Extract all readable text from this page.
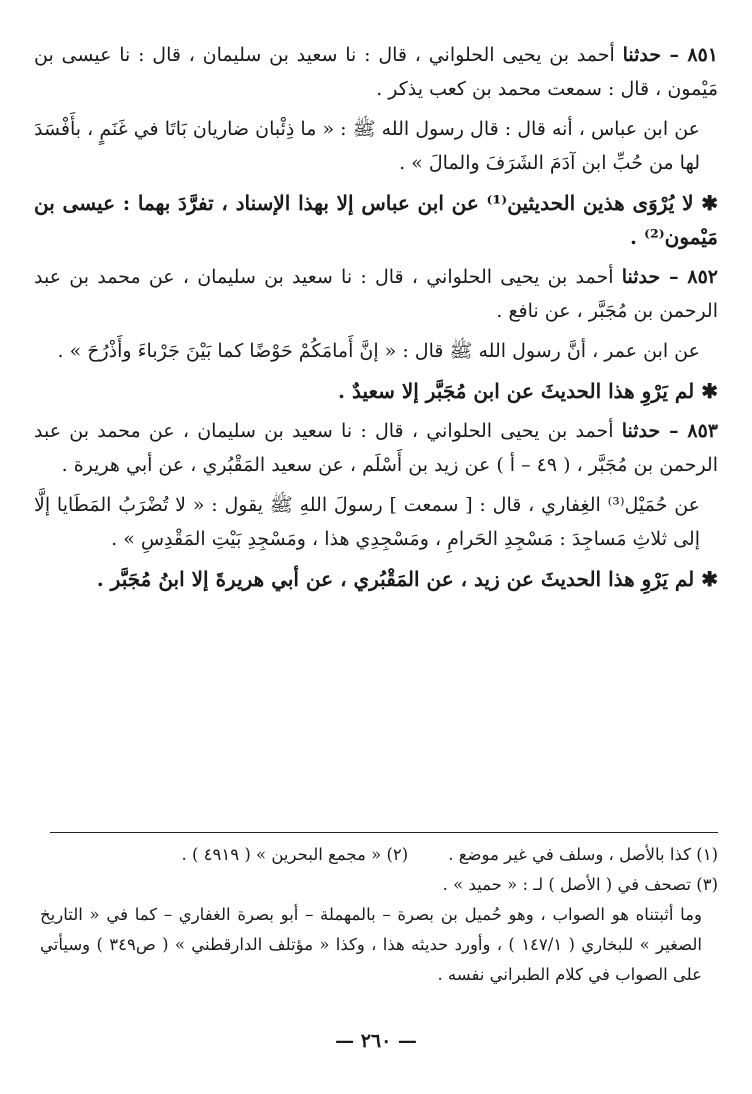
٨٥١ – حدثنا أحمد بن يحيى الحلواني ، قال : نا سعيد بن سليمان ، قال : نا عيسى بن مَيْمون ، قال : سمعت محمد بن كعب يذكر .

عن ابن عباس ، أنه قال : قال رسول الله ﷺ : « ما ذِئْبان ضاريان بَاتَا في غَنَمٍ ، بأَفْسَدَ لها من حُبِّ ابن آدَمَ الشَرَفَ والمالَ » .

✱ لا يُرْوَى هذين الحديثين⁽¹⁾ عن ابن عباس إلا بهذا الإسناد ، تفرَّدَ بهما : عيسى بن مَيْمون⁽²⁾ .

٨٥٢ – حدثنا أحمد بن يحيى الحلواني ، قال : نا سعيد بن سليمان ، عن محمد بن عبد الرحمن بن مُجَبَّر ، عن نافع .

عن ابن عمر ، أنَّ رسول الله ﷺ قال : « إنَّ أَمامَكُمْ حَوْضًا كما بَيْنَ جَرْباءَ وأَذْرُحَ » .

✱ لم يَرْوِ هذا الحديثَ عن ابن مُجَبَّر إلا سعيدٌ .

٨٥٣ – حدثنا أحمد بن يحيى الحلواني ، قال : نا سعيد بن سليمان ، عن محمد بن عبد الرحمن بن مُجَبَّر ، ( ٤٩ – أ ) عن زيد بن أَسْلَم ، عن سعيد المَقْبُري ، عن أبي هريرة .

عن حُمَيْل⁽³⁾ الغِفاري ، قال : [ سمعت ] رسولَ اللهِ ﷺ يقول : « لا تُضْرَبُ المَطَايا إلَّا إلى ثلاثِ مَساجِدَ : مَسْجِدِ الحَرامِ ، ومَسْجِدِي هذا ، ومَسْجِدِ بَيْتِ المَقْدِسِ » .

✱ لم يَرْوِ هذا الحديثَ عن زيد ، عن المَقْبُري ، عن أبي هريرةَ إلا ابنُ مُجَبَّر .

(١) كذا بالأصل ، وسلف في غير موضع .(٢) « مجمع البحرين » ( ٤٩١٩ ) .

(٣) تصحف في ( الأصل ) لـ : « حميد » .

وما أثبتناه هو الصواب ، وهو حُميل بن بصرة – بالمهملة – أبو بصرة الغفاري – كما في « التاريخ الصغير » للبخاري ( ١٤٧/١ ) ، وأورد حديثه هذا ، وكذا « مؤتلف الدارقطني » ( ص٣٤٩ ) وسيأتي على الصواب في كلام الطبراني نفسه .

— ٢٦٠ —
